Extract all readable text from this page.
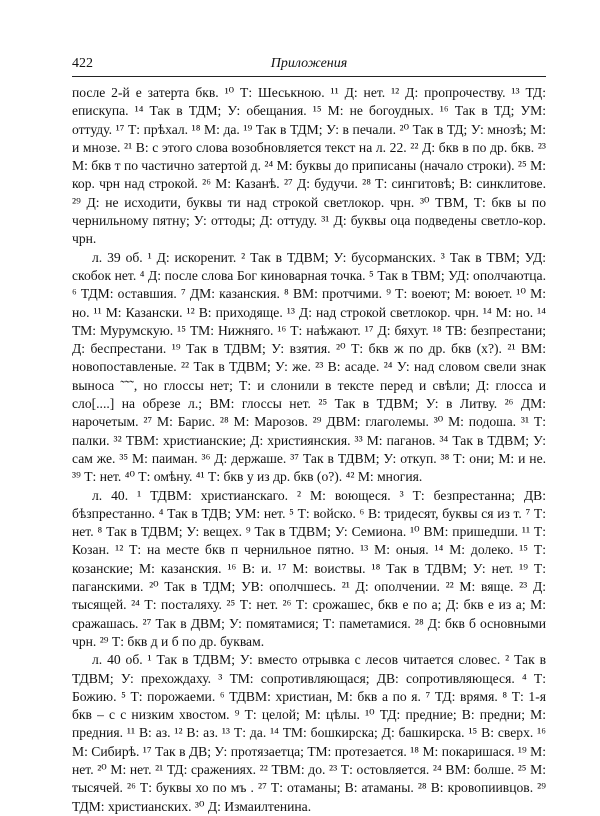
422	Приложения

после 2-й е затерта бкв. ¹⁰ Т: Шеськною. ¹¹ Д: нет. ¹² Д: пропрочеству. ¹³ ТД: епискупа. ¹⁴ Так в ТДМ; У: обещания. ¹⁵ М: не богоудных. ¹⁶ Так в ТД; УМ: оттуду. ¹⁷ Т: прѣхал. ¹⁸ М: да. ¹⁹ Так в ТДМ; У: в печали. ²⁰ Так в ТД; У: мнозѣ; М: и мнозе. ²¹ В: с этого слова возобновляется текст на л. 22. ²² Д: бкв в по др. бкв. ²³ М: бкв т по частично затертой д. ²⁴ М: буквы до приписаны (начало строки). ²⁵ М: кор. чрн над строкой. ²⁶ М: Казанѣ. ²⁷ Д: будучи. ²⁸ Т: сингитовѣ; В: синклитове. ²⁹ Д: не исходити, буквы ти над строкой светлокор. чрн. ³⁰ ТВМ, Т: бкв ы по чернильному пятну; У: оттоды; Д: оттуду. ³¹ Д: буквы оца подведены светло-кор. чрн.

л. 39 об. ¹ Д: искоренит. ² Так в ТДВМ; У: бусорманских. ³ Так в ТВМ; УД: скобок нет. ⁴ Д: после слова Бог киноварная точка. ⁵ Так в ТВМ; УД: ополчаютца. ⁶ ТДМ: оставшия. ⁷ ДМ: казанския. ⁸ ВМ: протчими. ⁹ Т: воеют; М: воюет. ¹⁰ М: но. ¹¹ М: Казански. ¹² В: приходяще. ¹³ Д: над строкой светлокор. чрн. ¹⁴ М: но. ¹⁴ ТМ: Мурумскую. ¹⁵ ТМ: Нижняго. ¹⁶ Т: наѣжают. ¹⁷ Д: бяхут. ¹⁸ ТВ: безпрестани; Д: беспрестани. ¹⁹ Так в ТДВМ; У: взятия. ²⁰ Т: бкв ж по др. бкв (х?). ²¹ ВМ: новопоставленые. ²² Так в ТДВМ; У: же. ²³ В: асаде. ²⁴ У: над словом свели знак выноса ˜˜˜, но глоссы нет; Т: и слонили в тексте перед и свѣли; Д: глосса и сло[....] на обрезе л.; ВМ: глоссы нет. ²⁵ Так в ТДВМ; У: в Литву. ²⁶ ДМ: нарочетым. ²⁷ М: Барис. ²⁸ М: Марозов. ²⁹ ДВМ: глаголемы. ³⁰ М: подоша. ³¹ Т: палки. ³² ТВМ: христианские; Д: християнския. ³³ М: паганов. ³⁴ Так в ТДВМ; У: сам же. ³⁵ М: паиман. ³⁶ Д: держаше. ³⁷ Так в ТДВМ; У: откуп. ³⁸ Т: они; М: и не. ³⁹ Т: нет. ⁴⁰ Т: омѣну. ⁴¹ Т: бкв у из др. бкв (о?). ⁴² М: многия.

л. 40. ¹ ТДВМ: христианскаго. ² М: воющеся. ³ Т: безпрестанна; ДВ: бѣзпрестанно. ⁴ Так в ТДВ; УМ: нет. ⁵ Т: войско. ⁶ В: тридесят, буквы ся из т. ⁷ Т: нет. ⁸ Так в ТДВМ; У: вещех. ⁹ Так в ТДВМ; У: Семиона. ¹⁰ ВМ: пришедши. ¹¹ Т: Козан. ¹² Т: на месте бкв п чернильное пятно. ¹³ М: оныя. ¹⁴ М: долеко. ¹⁵ Т: козанские; М: казанския. ¹⁶ В: и. ¹⁷ М: воиствы. ¹⁸ Так в ТДВМ; У: нет. ¹⁹ Т: паганскими. ²⁰ Так в ТДМ; УВ: ополчшесь. ²¹ Д: ополчении. ²² М: вяще. ²³ Д: тысящей. ²⁴ Т: посталяху. ²⁵ Т: нет. ²⁶ Т: срожашес, бкв е по а; Д: бкв е из а; М: сражашась. ²⁷ Так в ДВМ; У: помятамися; Т: паметамися. ²⁸ Д: бкв б основными чрн. ²⁹ Т: бкв д и б по др. буквам.

л. 40 об. ¹ Так в ТДВМ; У: вместо отрывка с лесов читается словес. ² Так в ТДВМ; У: прехождаху. ³ ТМ: сопротивляющася; ДВ: сопротивляющеся. ⁴ Т: Божию. ⁵ Т: порожаеми. ⁶ ТДВМ: христиан, М: бкв а по я. ⁷ ТД: врямя. ⁸ Т: 1-я бкв – с с низким хвостом. ⁹ Т: целой; М: цѣлы. ¹⁰ ТД: предние; В: предни; М: предния. ¹¹ В: аз. ¹² В: аз. ¹³ Т: да. ¹⁴ ТМ: бошкирска; Д: башкирска. ¹⁵ В: сверх. ¹⁶ М: Сибирѣ. ¹⁷ Так в ДВ; У: протязаетца; ТМ: протезается. ¹⁸ М: покаришася. ¹⁹ М: нет. ²⁰ М: нет. ²¹ ТД: сражениях. ²² ТВМ: до. ²³ Т: остовляется. ²⁴ ВМ: болше. ²⁵ М: тысячей. ²⁶ Т: буквы хо по мъ . ²⁷ Т: отаманы; В: атаманы. ²⁸ В: кровопиивцов. ²⁹ ТДМ: христианских. ³⁰ Д: Измаилтенина.
